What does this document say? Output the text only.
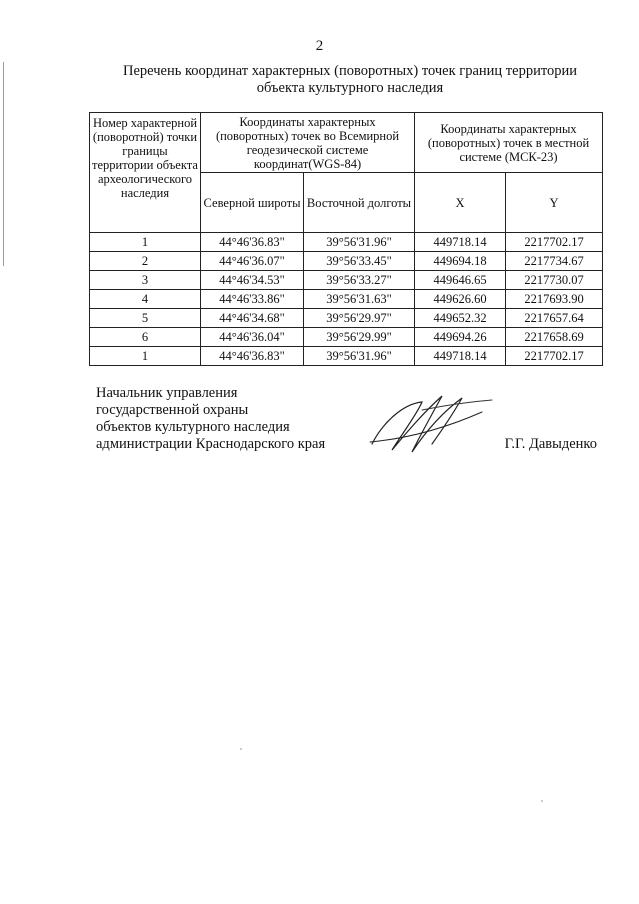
2
Перечень координат характерных (поворотных) точек границ территории
объекта культурного наследия
Номер характерной (поворотной) точки границы территории объекта археологического наследия	Координаты характерных (поворотных) точек во Всемирной геодезической системе координат(WGS-84)		Координаты характерных (поворотных) точек в местной системе (МСК-23)	
	Северной широты	Восточной долготы	X	Y
1	44°46'36.83"	39°56'31.96"	449718.14	2217702.17
2	44°46'36.07"	39°56'33.45"	449694.18	2217734.67
3	44°46'34.53"	39°56'33.27"	449646.65	2217730.07
4	44°46'33.86"	39°56'31.63"	449626.60	2217693.90
5	44°46'34.68"	39°56'29.97"	449652.32	2217657.64
6	44°46'36.04"	39°56'29.99"	449694.26	2217658.69
1	44°46'36.83"	39°56'31.96"	449718.14	2217702.17
Начальник управления
государственной охраны
объектов культурного наследия
администрации Краснодарского края	Г.Г. Давыденко
